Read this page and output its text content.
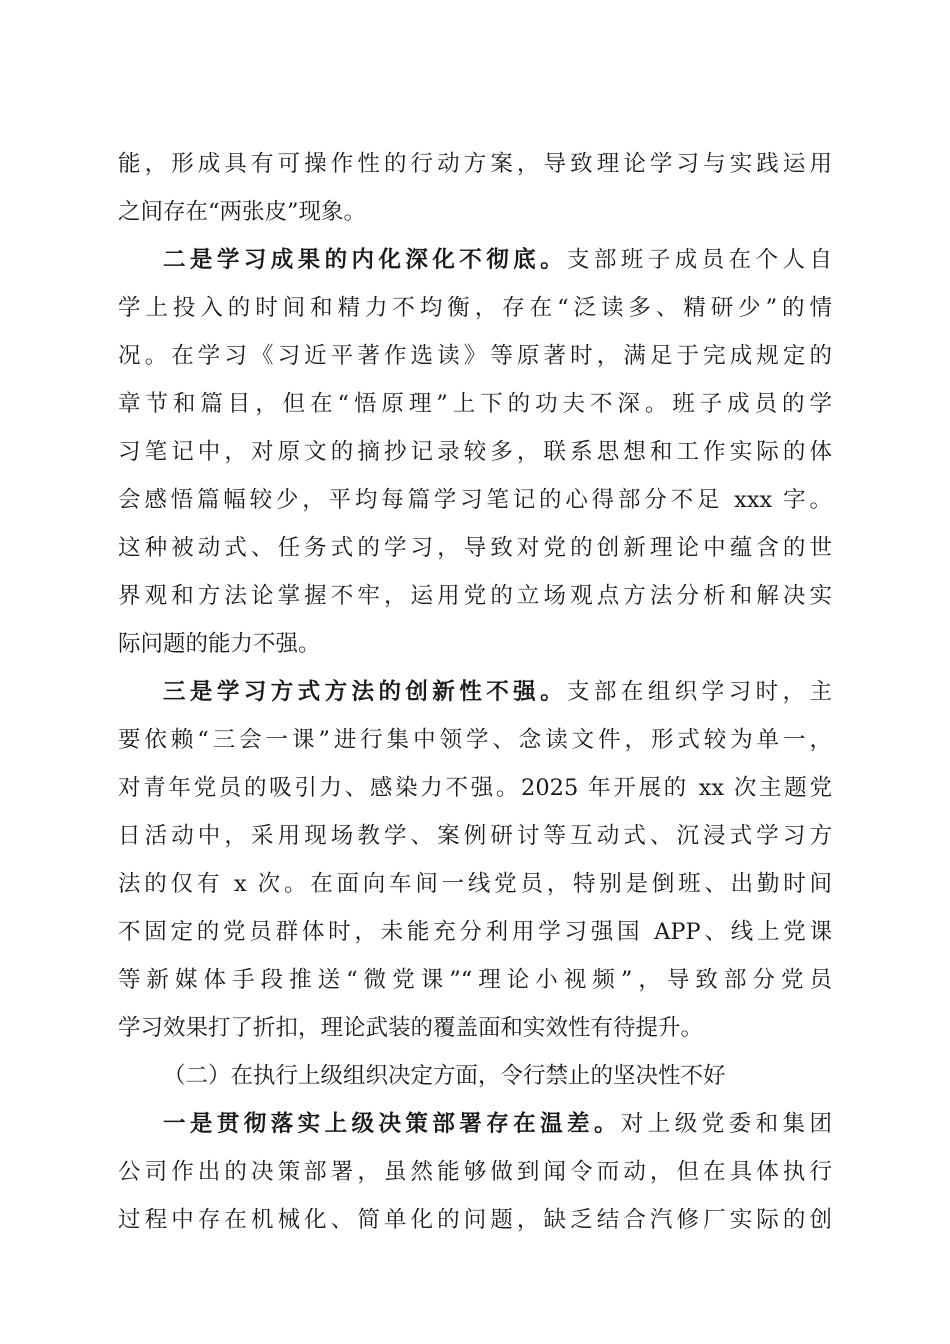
能，形成具有可操作性的行动方案，导致理论学习与实践运用
之间存在“两张皮”现象。
二是学习成果的内化深化不彻底。支部班子成员在个人自
学上投入的时间和精力不均衡，存在“泛读多、精研少”的情
况。在学习《习近平著作选读》等原著时，满足于完成规定的
章节和篇目，但在“悟原理”上下的功夫不深。班子成员的学
习笔记中，对原文的摘抄记录较多，联系思想和工作实际的体
会感悟篇幅较少，平均每篇学习笔记的心得部分不足 xxx 字。
这种被动式、任务式的学习，导致对党的创新理论中蕴含的世
界观和方法论掌握不牢，运用党的立场观点方法分析和解决实
际问题的能力不强。
三是学习方式方法的创新性不强。支部在组织学习时，主
要依赖“三会一课”进行集中领学、念读文件，形式较为单一，
对青年党员的吸引力、感染力不强。2025 年开展的 xx 次主题党
日活动中，采用现场教学、案例研讨等互动式、沉浸式学习方
法的仅有 x 次。在面向车间一线党员，特别是倒班、出勤时间
不固定的党员群体时，未能充分利用学习强国 APP、线上党课
等新媒体手段推送“微党课”“理论小视频”，导致部分党员
学习效果打了折扣，理论武装的覆盖面和实效性有待提升。
（二）在执行上级组织决定方面，令行禁止的坚决性不好
一是贯彻落实上级决策部署存在温差。对上级党委和集团
公司作出的决策部署，虽然能够做到闻令而动，但在具体执行
过程中存在机械化、简单化的问题，缺乏结合汽修厂实际的创
